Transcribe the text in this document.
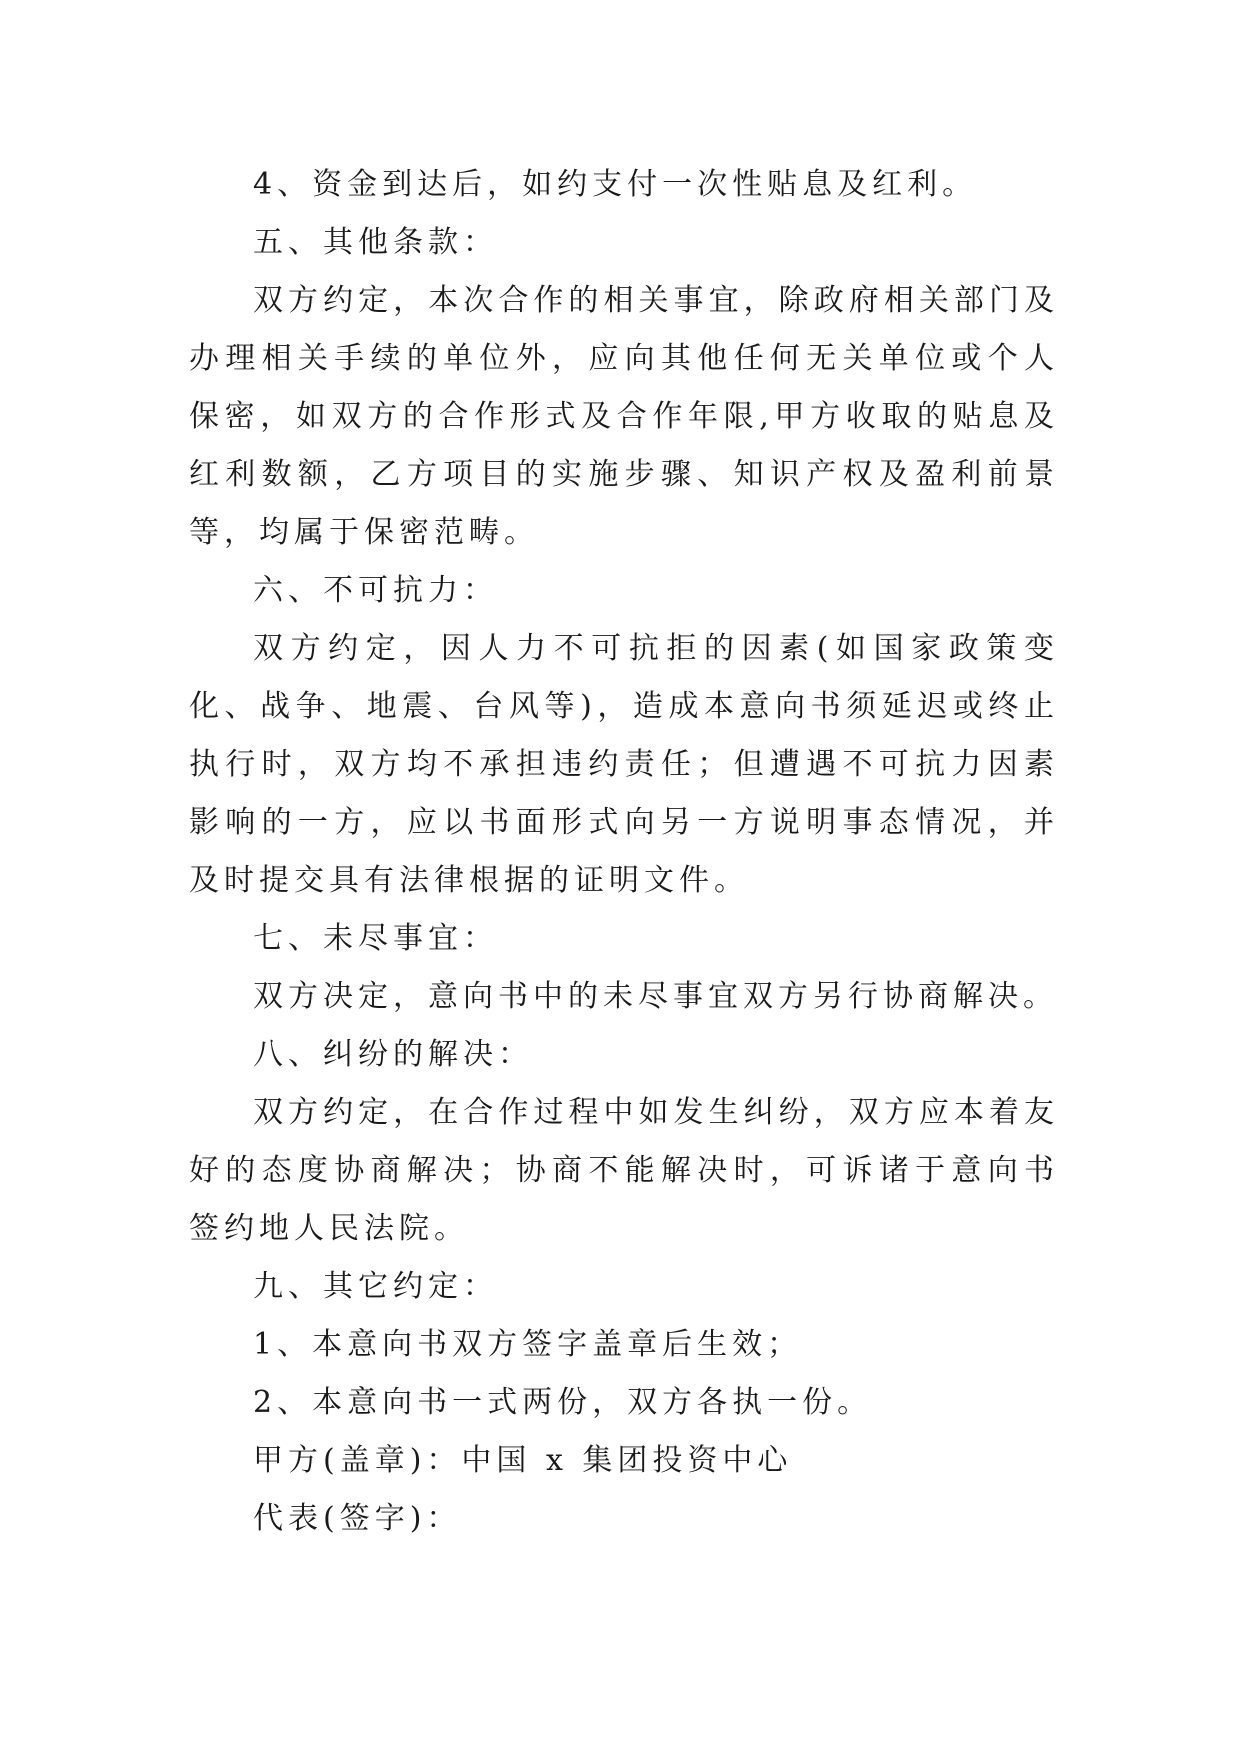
4、资金到达后，如约支付一次性贴息及红利。

五、其他条款：

双方约定，本次合作的相关事宜，除政府相关部门及办理相关手续的单位外，应向其他任何无关单位或个人保密，如双方的合作形式及合作年限,甲方收取的贴息及红利数额，乙方项目的实施步骤、知识产权及盈利前景等，均属于保密范畴。

六、不可抗力：

双方约定，因人力不可抗拒的因素(如国家政策变化、战争、地震、台风等)，造成本意向书须延迟或终止执行时，双方均不承担违约责任；但遭遇不可抗力因素影响的一方，应以书面形式向另一方说明事态情况，并及时提交具有法律根据的证明文件。

七、未尽事宜：

双方决定，意向书中的未尽事宜双方另行协商解决。

八、纠纷的解决：

双方约定，在合作过程中如发生纠纷，双方应本着友好的态度协商解决；协商不能解决时，可诉诸于意向书签约地人民法院。

九、其它约定：

1、本意向书双方签字盖章后生效；

2、本意向书一式两份，双方各执一份。

甲方(盖章)：中国 x 集团投资中心

代表(签字)：
